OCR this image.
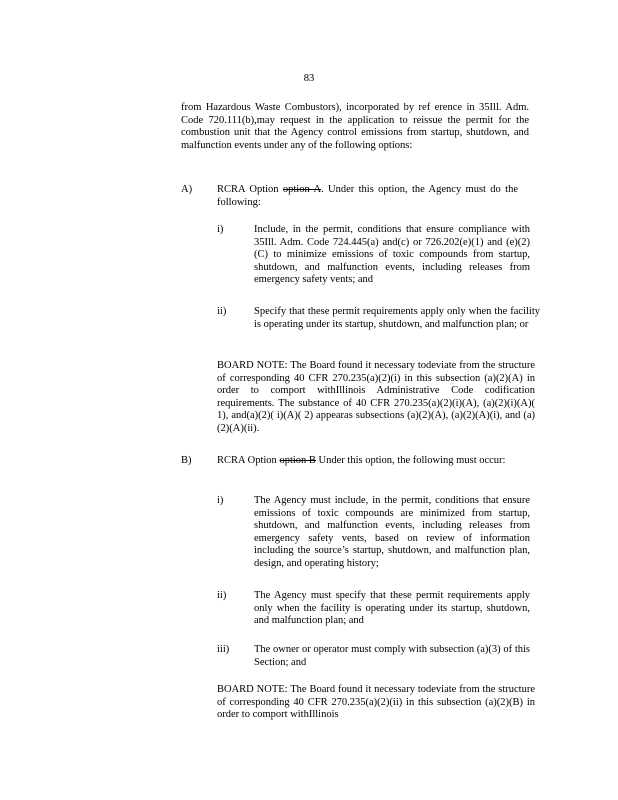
83

from Hazardous Waste Combustors), incorporated by ref erence in 35Ill. Adm. Code 720.111(b),may request in the application to reissue the permit for the combustion unit that the Agency control emissions from startup, shutdown, and malfunction events under any of the following options:

A) RCRA Option option A. Under this option, the Agency must do the following:

i)	Include, in the permit, conditions that ensure compliance with 35Ill. Adm. Code 724.445(a) and(c) or 726.202(e)(1) and (e)(2)(C) to minimize emissions of toxic compounds from startup, shutdown, and malfunction events, including releases from emergency safety vents; and

ii)	Specify that these permit requirements apply only when the facility is operating under its startup, shutdown, and malfunction plan; or

BOARD NOTE: The Board found it necessary todeviate from the structure of corresponding 40 CFR 270.235(a)(2)(i) in this subsection (a)(2)(A) in order to comport withIllinois Administrative Code codification requirements. The substance of 40 CFR 270.235(a)(2)(i)(A), (a)(2)(i)(A)( 1), and(a)(2)( i)(A)( 2) appearas subsections (a)(2)(A), (a)(2)(A)(i), and (a)(2)(A)(ii).

B) RCRA Option option B Under this option, the following must occur:

i)	The Agency must include, in the permit, conditions that ensure emissions of toxic compounds are minimized from startup, shutdown, and malfunction events, including releases from emergency safety vents, based on review of information including the source’s startup, shutdown, and malfunction plan, design, and operating history;

ii)	The Agency must specify that these permit requirements apply only when the facility is operating under its startup, shutdown, and malfunction plan; and

iii) The owner or operator must comply with subsection (a)(3) of this Section; and

BOARD NOTE: The Board found it necessary todeviate from the structure of corresponding 40 CFR 270.235(a)(2)(ii) in this subsection (a)(2)(B) in order to comport withIllinois
